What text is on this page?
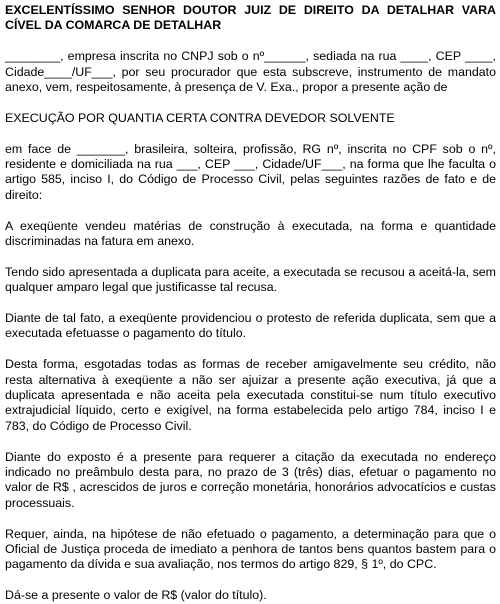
EXCELENTÍSSIMO SENHOR DOUTOR JUIZ DE DIREITO DA DETALHAR VARA CÍVEL DA COMARCA DE DETALHAR

________, empresa inscrita no CNPJ sob o nº______, sediada na rua ____, CEP ____, Cidade____/UF___, por seu procurador que esta subscreve, instrumento de mandato anexo, vem, respeitosamente, à presença de V. Exa., propor a presente ação de

EXECUÇÃO POR QUANTIA CERTA CONTRA DEVEDOR SOLVENTE

em face de _______, brasileira, solteira, profissão, RG nº, inscrita no CPF sob o nº, residente e domiciliada na rua ___, CEP ___, Cidade/UF___, na forma que lhe faculta o artigo 585, inciso I, do Código de Processo Civil, pelas seguintes razões de fato e de direito:

A exeqüente vendeu matérias de construção à executada, na forma e quantidade discriminadas na fatura em anexo.

Tendo sido apresentada a duplicata para aceite, a executada se recusou a aceitá-la, sem qualquer amparo legal que justificasse tal recusa.

Diante de tal fato, a exeqüente providenciou o protesto de referida duplicata, sem que a executada efetuasse o pagamento do título.

Desta forma, esgotadas todas as formas de receber amigavelmente seu crédito, não resta alternativa à exeqüente a não ser ajuizar a presente ação executiva, já que a duplicata apresentada e não aceita pela executada constitui-se num título executivo extrajudicial líquido, certo e exigível, na forma estabelecida pelo artigo 784, inciso I e 783, do Código de Processo Civil.

Diante do exposto é a presente para requerer a citação da executada no endereço indicado no preâmbulo desta para, no prazo de 3 (três) dias, efetuar o pagamento no valor de R$ , acrescidos de juros e correção monetária, honorários advocatícios e custas processuais.

Requer, ainda, na hipótese de não efetuado o pagamento, a determinação para que o Oficial de Justiça proceda de imediato a penhora de tantos bens quantos bastem para o pagamento da dívida e sua avaliação, nos termos do artigo 829, § 1º, do CPC.

Dá-se a presente o valor de R$ (valor do título).
